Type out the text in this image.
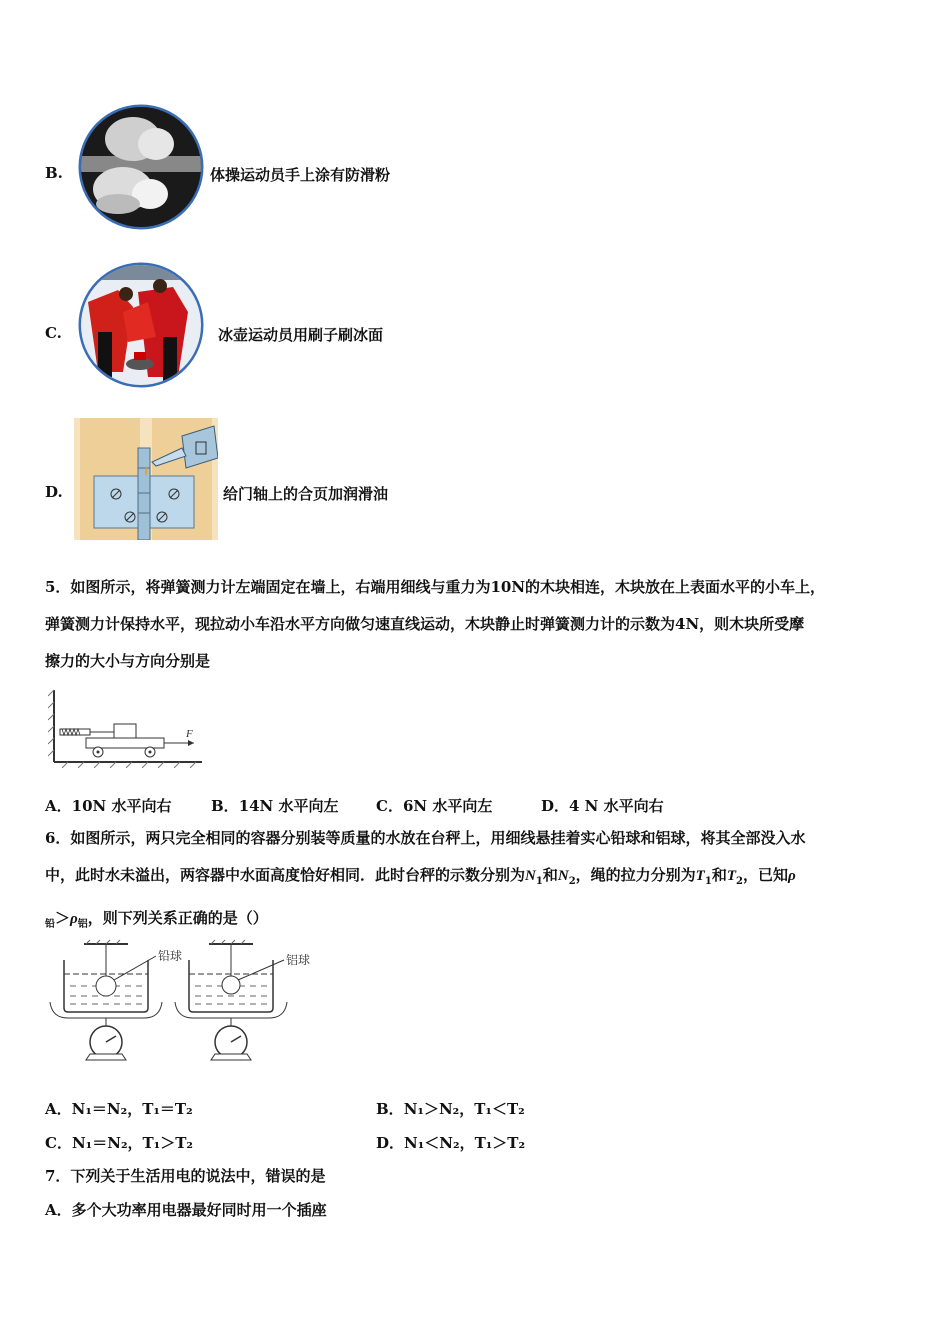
B.	体操运动员手上涂有防滑粉
C.	冰壶运动员用刷子刷冰面
D.	给门轴上的合页加润滑油
5．如图所示，将弹簧测力计左端固定在墙上，右端用细线与重力为10N的木块相连，木块放在上表面水平的小车上，
弹簧测力计保持水平，现拉动小车沿水平方向做匀速直线运动，木块静止时弹簧测力计的示数为4N，则木块所受摩
擦力的大小与方向分别是
F
A．10N 水平向右	B．14N 水平向左	C．6N 水平向左	D．4 N 水平向右
6．如图所示，两只完全相同的容器分别装等质量的水放在台秤上，用细线悬挂着实心铅球和铝球，将其全部没入水
中，此时水未溢出，两容器中水面高度恰好相同．此时台秤的示数分别为$N_1$和$N_2$，绳的拉力分别为$T_1$和$T_2$，已知ρ
$_铅>\rho_铝$，则下列关系正确的是（）
铅球	铝球
A．N₁＝N₂，T₁＝T₂	B．N₁＞N₂，T₁＜T₂
C．N₁＝N₂，T₁＞T₂	D．N₁＜N₂，T₁＞T₂
7．下列关于生活用电的说法中，错误的是
A．多个大功率用电器最好同时用一个插座
